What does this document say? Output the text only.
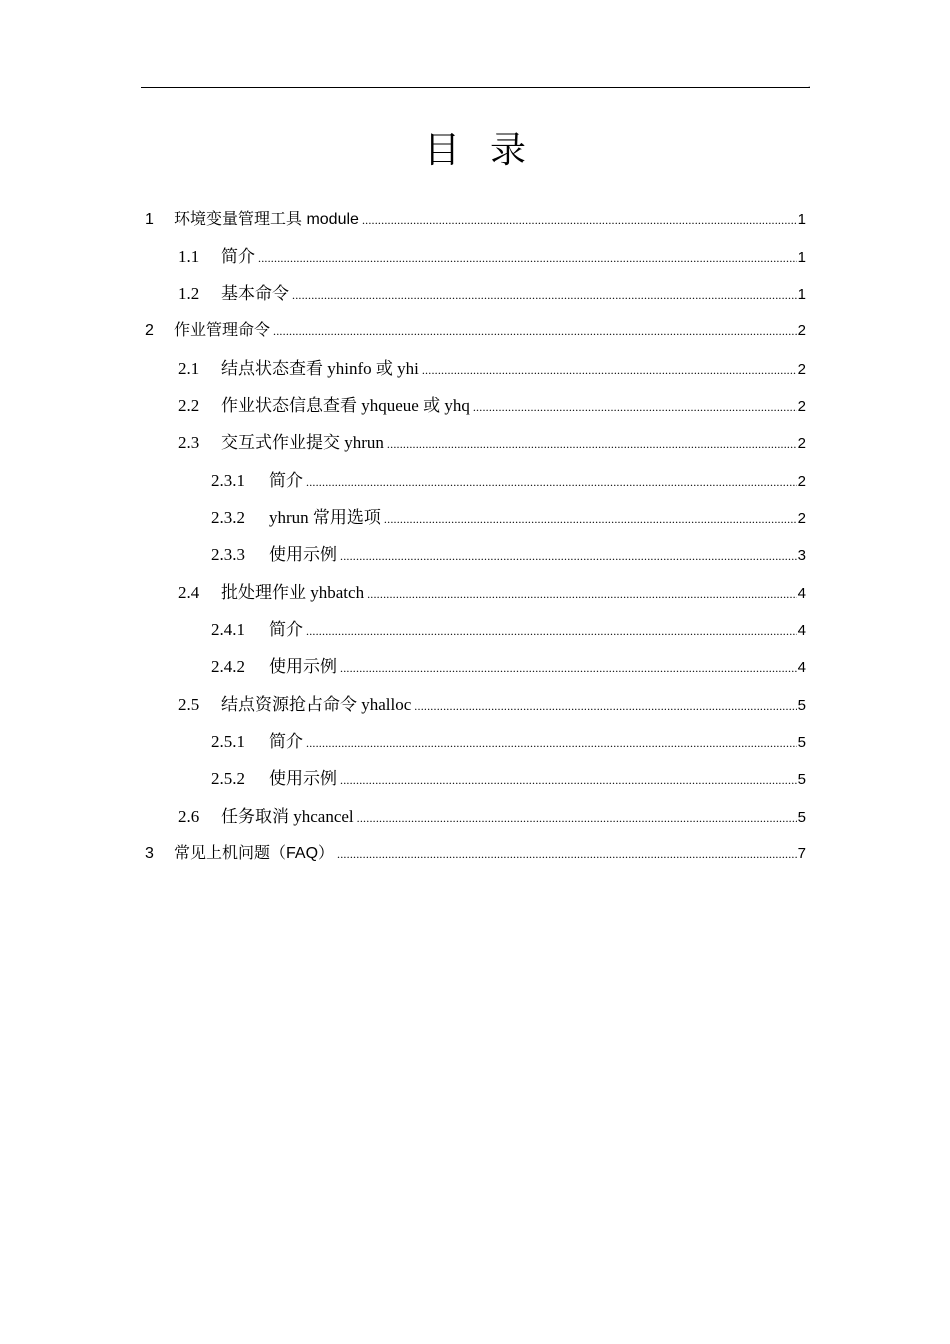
·
目录
1	环境变量管理工具 module .....	1
1.1	简介 .....	1
1.2	基本命令 .....	1
2	作业管理命令 .....	2
2.1	结点状态查看 yhinfo 或 yhi .....	2
2.2	作业状态信息查看 yhqueue 或 yhq .....	2
2.3	交互式作业提交 yhrun .....	2
2.3.1	简介 .....	2
2.3.2	yhrun 常用选项 .....	2
2.3.3	使用示例 .....	3
2.4	批处理作业 yhbatch .....	4
2.4.1	简介 .....	4
2.4.2	使用示例 .....	4
2.5	结点资源抢占命令 yhalloc .....	5
2.5.1	简介 .....	5
2.5.2	使用示例 .....	5
2.6	任务取消 yhcancel .....	5
3	常见上机问题（FAQ） .....	7
